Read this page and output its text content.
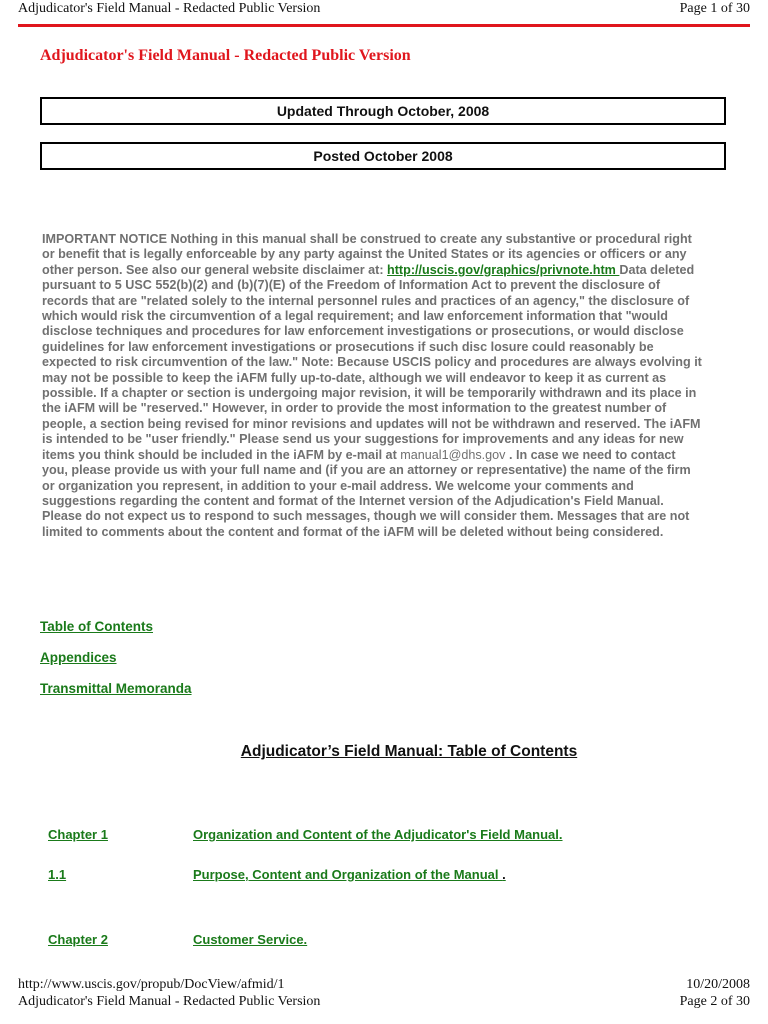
Adjudicator's Field Manual - Redacted Public Version	Page 1 of 30
Adjudicator's Field Manual - Redacted Public Version
Updated Through October, 2008
Posted October 2008
IMPORTANT NOTICE Nothing in this manual shall be construed to create any substantive or procedural right or benefit that is legally enforceable by any party against the United States or its agencies or officers or any other person. See also our general website disclaimer at: http://uscis.gov/graphics/privnote.htm Data deleted pursuant to 5 USC 552(b)(2) and (b)(7)(E) of the Freedom of Information Act to prevent the disclosure of records that are "related solely to the internal personnel rules and practices of an agency," the disclosure of which would risk the circumvention of a legal requirement; and law enforcement information that "would disclose techniques and procedures for law enforcement investigations or prosecutions, or would disclose guidelines for law enforcement investigations or prosecutions if such disc losure could reasonably be expected to risk circumvention of the law." Note: Because USCIS policy and procedures are always evolving it may not be possible to keep the iAFM fully up-to-date, although we will endeavor to keep it as current as possible. If a chapter or section is undergoing major revision, it will be temporarily withdrawn and its place in the iAFM will be "reserved." However, in order to provide the most information to the greatest number of people, a section being revised for minor revisions and updates will not be withdrawn and reserved. The iAFM is intended to be "user friendly." Please send us your suggestions for improvements and any ideas for new items you think should be included in the iAFM by e-mail at manual1@dhs.gov . In case we need to contact you, please provide us with your full name and (if you are an attorney or representative) the name of the firm or organization you represent, in addition to your e-mail address. We welcome your comments and suggestions regarding the content and format of the Internet version of the Adjudication's Field Manual. Please do not expect us to respond to such messages, though we will consider them. Messages that are not limited to comments about the content and format of the iAFM will be deleted without being considered.
Table of Contents
Appendices
Transmittal Memoranda
Adjudicator’s Field Manual: Table of Contents
Chapter 1	Organization and Content of the Adjudicator's Field Manual.
1.1	Purpose, Content and Organization of the Manual .
Chapter 2	Customer Service.
http://www.uscis.gov/propub/DocView/afmid/1	10/20/2008
Adjudicator's Field Manual - Redacted Public Version	Page 2 of 30
